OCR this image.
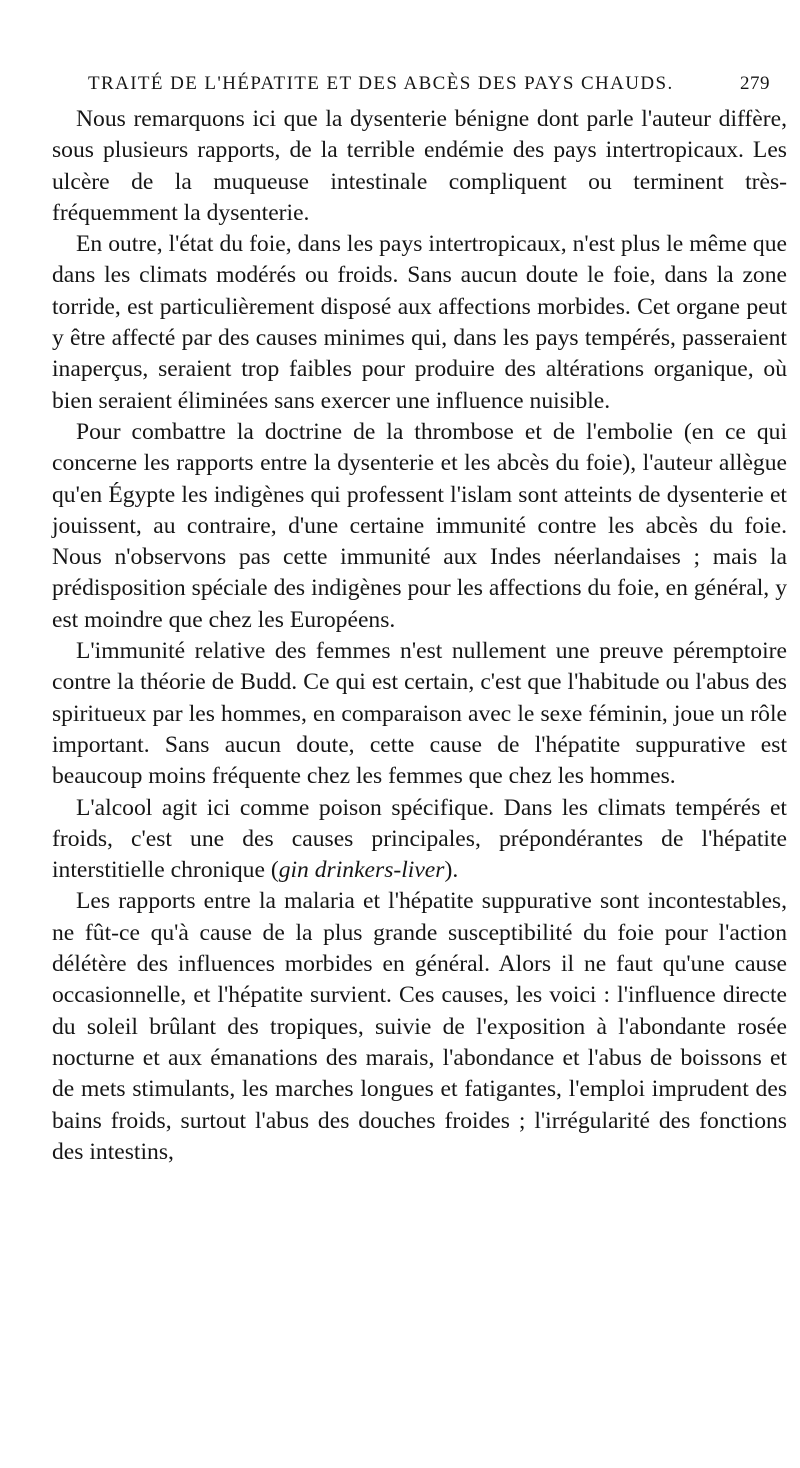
TRAITÉ DE L'HÉPATITE ET DES ABCÈS DES PAYS CHAUDS.	279

Nous remarquons ici que la dysenterie bénigne dont parle l'auteur diffère, sous plusieurs rapports, de la terrible endémie des pays intertropicaux. Les ulcère de la muqueuse intestinale compliquent ou terminent très-fréquemment la dysenterie.

En outre, l'état du foie, dans les pays intertropicaux, n'est plus le même que dans les climats modérés ou froids. Sans aucun doute le foie, dans la zone torride, est particulièrement disposé aux affections morbides. Cet organe peut y être affecté par des causes minimes qui, dans les pays tempérés, passeraient inaperçus, seraient trop faibles pour produire des altérations organique, où bien seraient éliminées sans exercer une influence nuisible.

Pour combattre la doctrine de la thrombose et de l'embolie (en ce qui concerne les rapports entre la dysenterie et les abcès du foie), l'auteur allègue qu'en Égypte les indigènes qui professent l'islam sont atteints de dysenterie et jouissent, au contraire, d'une certaine immunité contre les abcès du foie. Nous n'observons pas cette immunité aux Indes néerlandaises ; mais la prédisposition spéciale des indigènes pour les affections du foie, en général, y est moindre que chez les Européens.

L'immunité relative des femmes n'est nullement une preuve péremptoire contre la théorie de Budd. Ce qui est certain, c'est que l'habitude ou l'abus des spiritueux par les hommes, en comparaison avec le sexe féminin, joue un rôle important. Sans aucun doute, cette cause de l'hépatite suppurative est beaucoup moins fréquente chez les femmes que chez les hommes.

L'alcool agit ici comme poison spécifique. Dans les climats tempérés et froids, c'est une des causes principales, prépondérantes de l'hépatite interstitielle chronique (gin drinkers-liver).

Les rapports entre la malaria et l'hépatite suppurative sont incontestables, ne fût-ce qu'à cause de la plus grande susceptibilité du foie pour l'action délétère des influences morbides en général. Alors il ne faut qu'une cause occasionnelle, et l'hépatite survient. Ces causes, les voici : l'influence directe du soleil brûlant des tropiques, suivie de l'exposition à l'abondante rosée nocturne et aux émanations des marais, l'abondance et l'abus de boissons et de mets stimulants, les marches longues et fatigantes, l'emploi imprudent des bains froids, surtout l'abus des douches froides ; l'irrégularité des fonctions des intestins,
